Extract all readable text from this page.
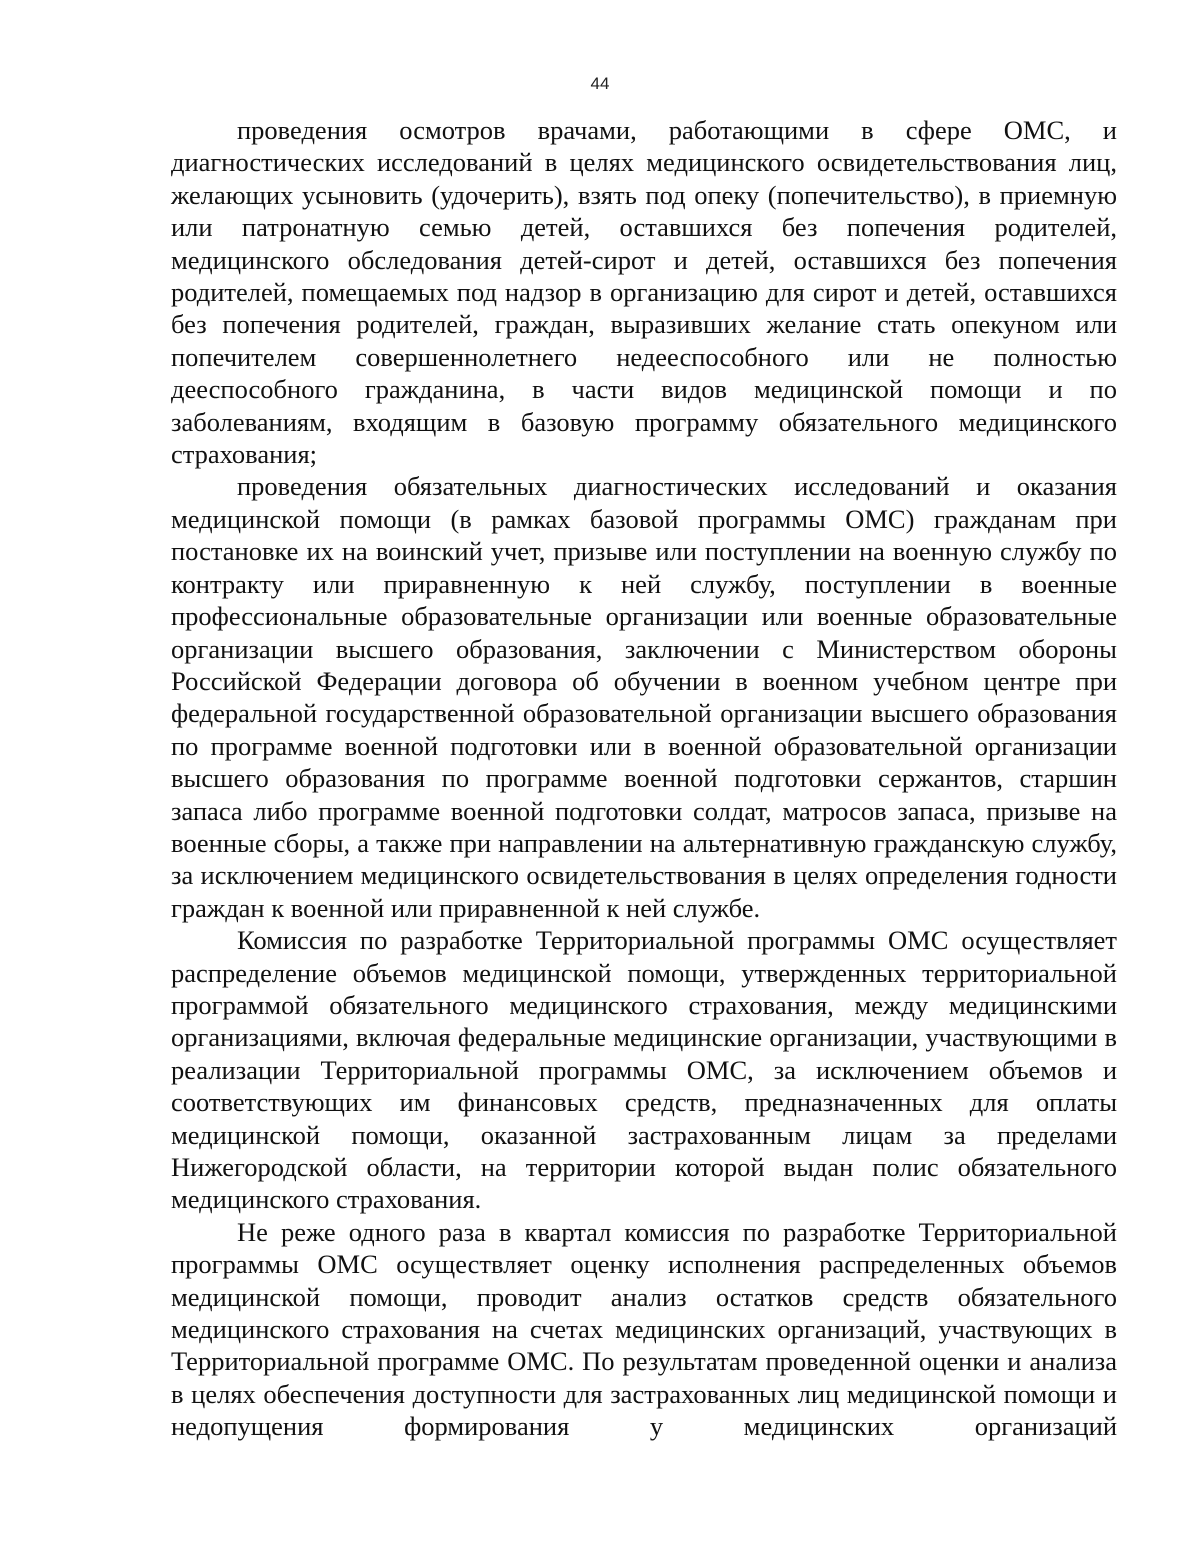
44

проведения осмотров врачами, работающими в сфере ОМС, и диагностических исследований в целях медицинского освидетельствования лиц, желающих усыновить (удочерить), взять под опеку (попечительство), в приемную или патронатную семью детей, оставшихся без попечения родителей, медицинского обследования детей-сирот и детей, оставшихся без попечения родителей, помещаемых под надзор в организацию для сирот и детей, оставшихся без попечения родителей, граждан, выразивших желание стать опекуном или попечителем совершеннолетнего недееспособного или не полностью дееспособного гражданина, в части видов медицинской помощи и по заболеваниям, входящим в базовую программу обязательного медицинского страхования;

проведения обязательных диагностических исследований и оказания медицинской помощи (в рамках базовой программы ОМС) гражданам при постановке их на воинский учет, призыве или поступлении на военную службу по контракту или приравненную к ней службу, поступлении в военные профессиональные образовательные организации или военные образовательные организации высшего образования, заключении с Министерством обороны Российской Федерации договора об обучении в военном учебном центре при федеральной государственной образовательной организации высшего образования по программе военной подготовки или в военной образовательной организации высшего образования по программе военной подготовки сержантов, старшин запаса либо программе военной подготовки солдат, матросов запаса, призыве на военные сборы, а также при направлении на альтернативную гражданскую службу, за исключением медицинского освидетельствования в целях определения годности граждан к военной или приравненной к ней службе.

Комиссия по разработке Территориальной программы ОМС осуществляет распределение объемов медицинской помощи, утвержденных территориальной программой обязательного медицинского страхования, между медицинскими организациями, включая федеральные медицинские организации, участвующими в реализации Территориальной программы ОМС, за исключением объемов и соответствующих им финансовых средств, предназначенных для оплаты медицинской помощи, оказанной застрахованным лицам за пределами Нижегородской области, на территории которой выдан полис обязательного медицинского страхования.

Не реже одного раза в квартал комиссия по разработке Территориальной программы ОМС осуществляет оценку исполнения распределенных объемов медицинской помощи, проводит анализ остатков средств обязательного медицинского страхования на счетах медицинских организаций, участвующих в Территориальной программе ОМС. По результатам проведенной оценки и анализа в целях обеспечения доступности для застрахованных лиц медицинской помощи и недопущения формирования у медицинских организаций
